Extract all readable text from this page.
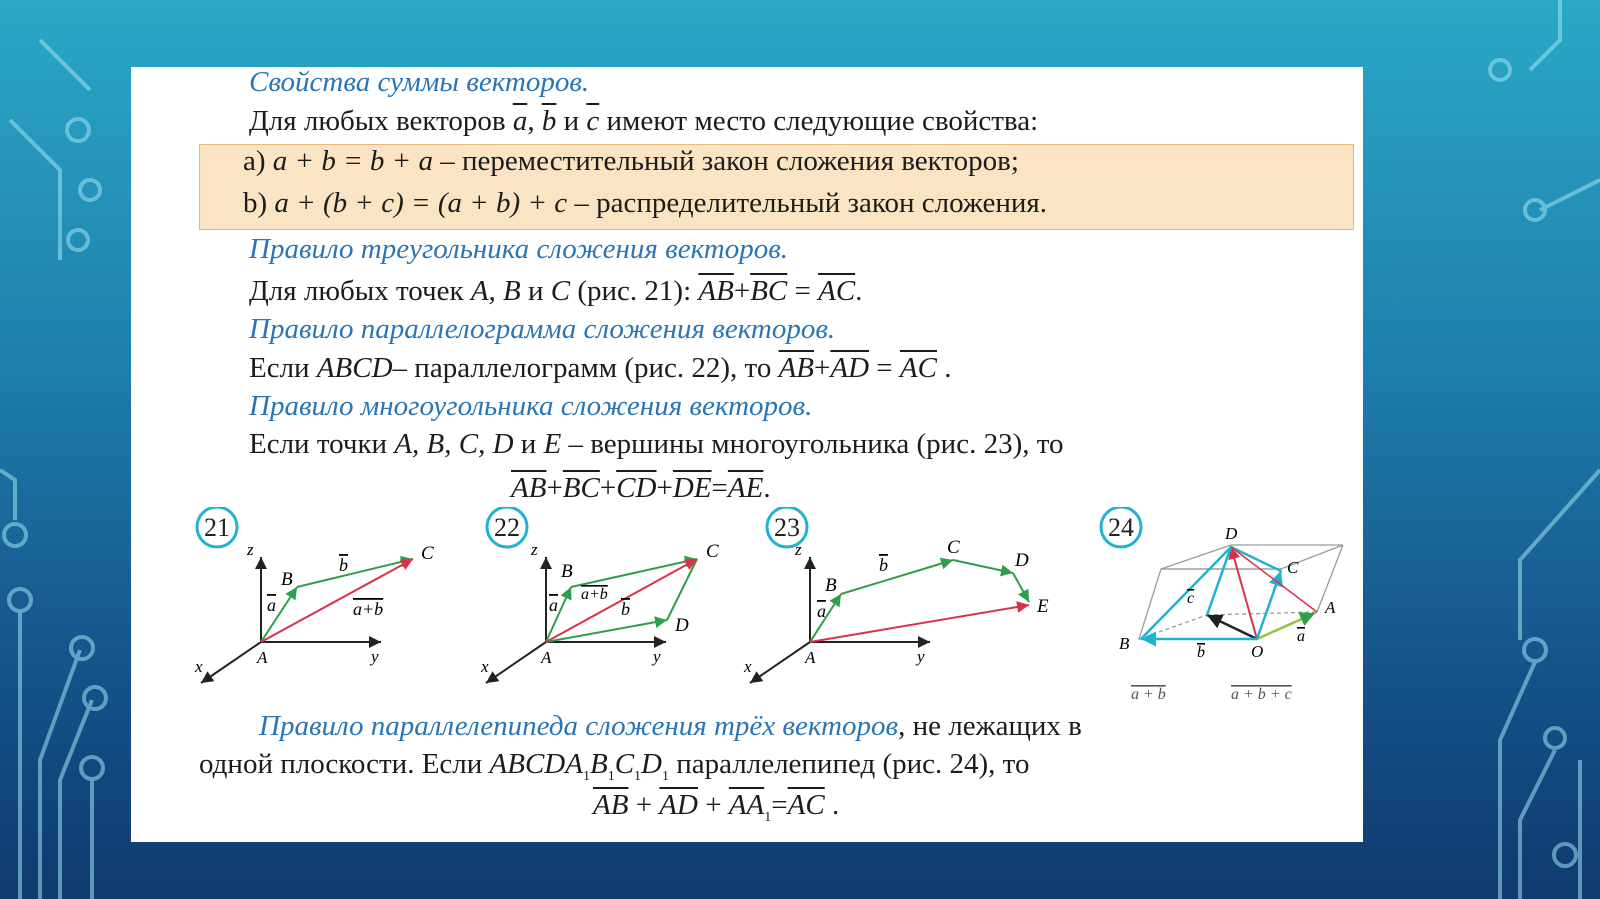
Свойства суммы векторов.
Для любых векторов $\overline{a}$, $\overline{b}$ и $\overline{c}$ имеют место следующие свойства:
a) a + b = b + a – переместительный закон сложения векторов;
b) a + (b + c) = (a + b) + c – распределительный закон сложения.
Правило треугольника сложения векторов.
Для любых точек A, B и C (рис. 21): $\overline{AB}+\overline{BC} = \overline{AC}$.
Правило параллелограмма сложения векторов.
Если ABCD– параллелограмм (рис. 22), то $\overline{AB}+\overline{AD} = \overline{AC}$ .
Правило многоугольника сложения векторов.
Если точки A, B, C, D и E – вершины многоугольника (рис. 23), то
$\overline{AB}+\overline{BC}+\overline{CD}+\overline{DE}=\overline{AE}$.
21
z
y
x	A
B
C
a
b
a+b
22
z
y
x	A
B
C
D
a	b
a+b
23
z
y
x	A
B
C
D
E
a
b
24	D
C
A
B	O
a
b
c
a + b	a + b + c
Правило параллелепипеда сложения трёх векторов, не лежащих в
одной плоскости. Если $ABCDA_1B_1C_1D_1$ параллелепипед (рис. 24), то
$\overline{AB} + \overline{AD} + \overline{AA}_1=\overline{AC}$ .
